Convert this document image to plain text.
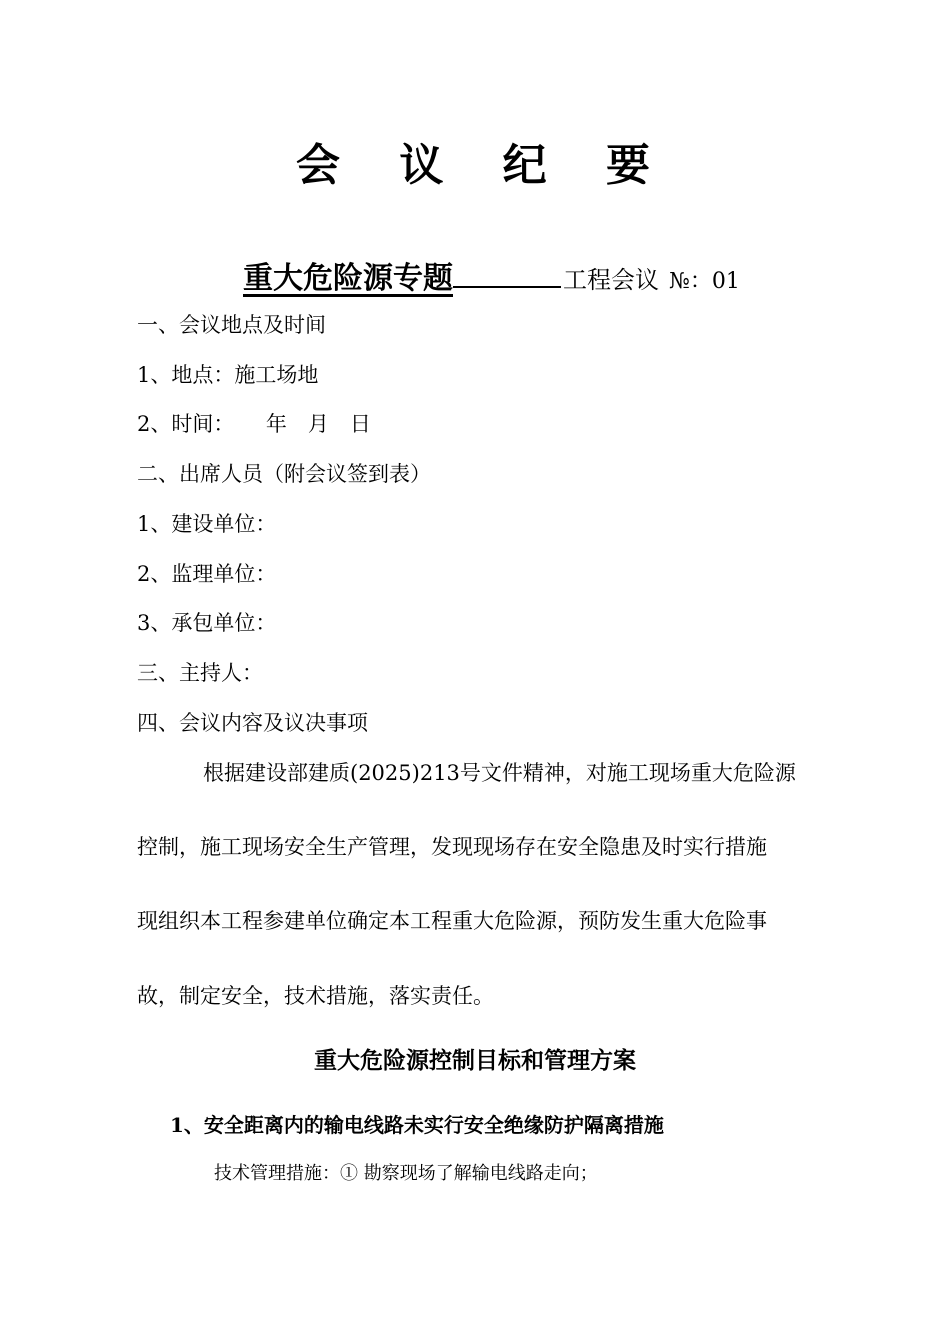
会 议 纪 要
重大危险源专题	工程会议 №：01
一、会议地点及时间
1、地点：施工场地
2、时间：　　年　月　日
二、出席人员（附会议签到表）
1、建设单位：
2、监理单位：
3、承包单位：
三、主持人：
四、会议内容及议决事项
根据建设部建质(2025)213号文件精神，对施工现场重大危险源
控制，施工现场安全生产管理，发现现场存在安全隐患及时实行措施
现组织本工程参建单位确定本工程重大危险源，预防发生重大危险事
故，制定安全，技术措施，落实责任。
重大危险源控制目标和管理方案
1、安全距离内的输电线路未实行安全绝缘防护隔离措施
技术管理措施：① 勘察现场了解输电线路走向；
